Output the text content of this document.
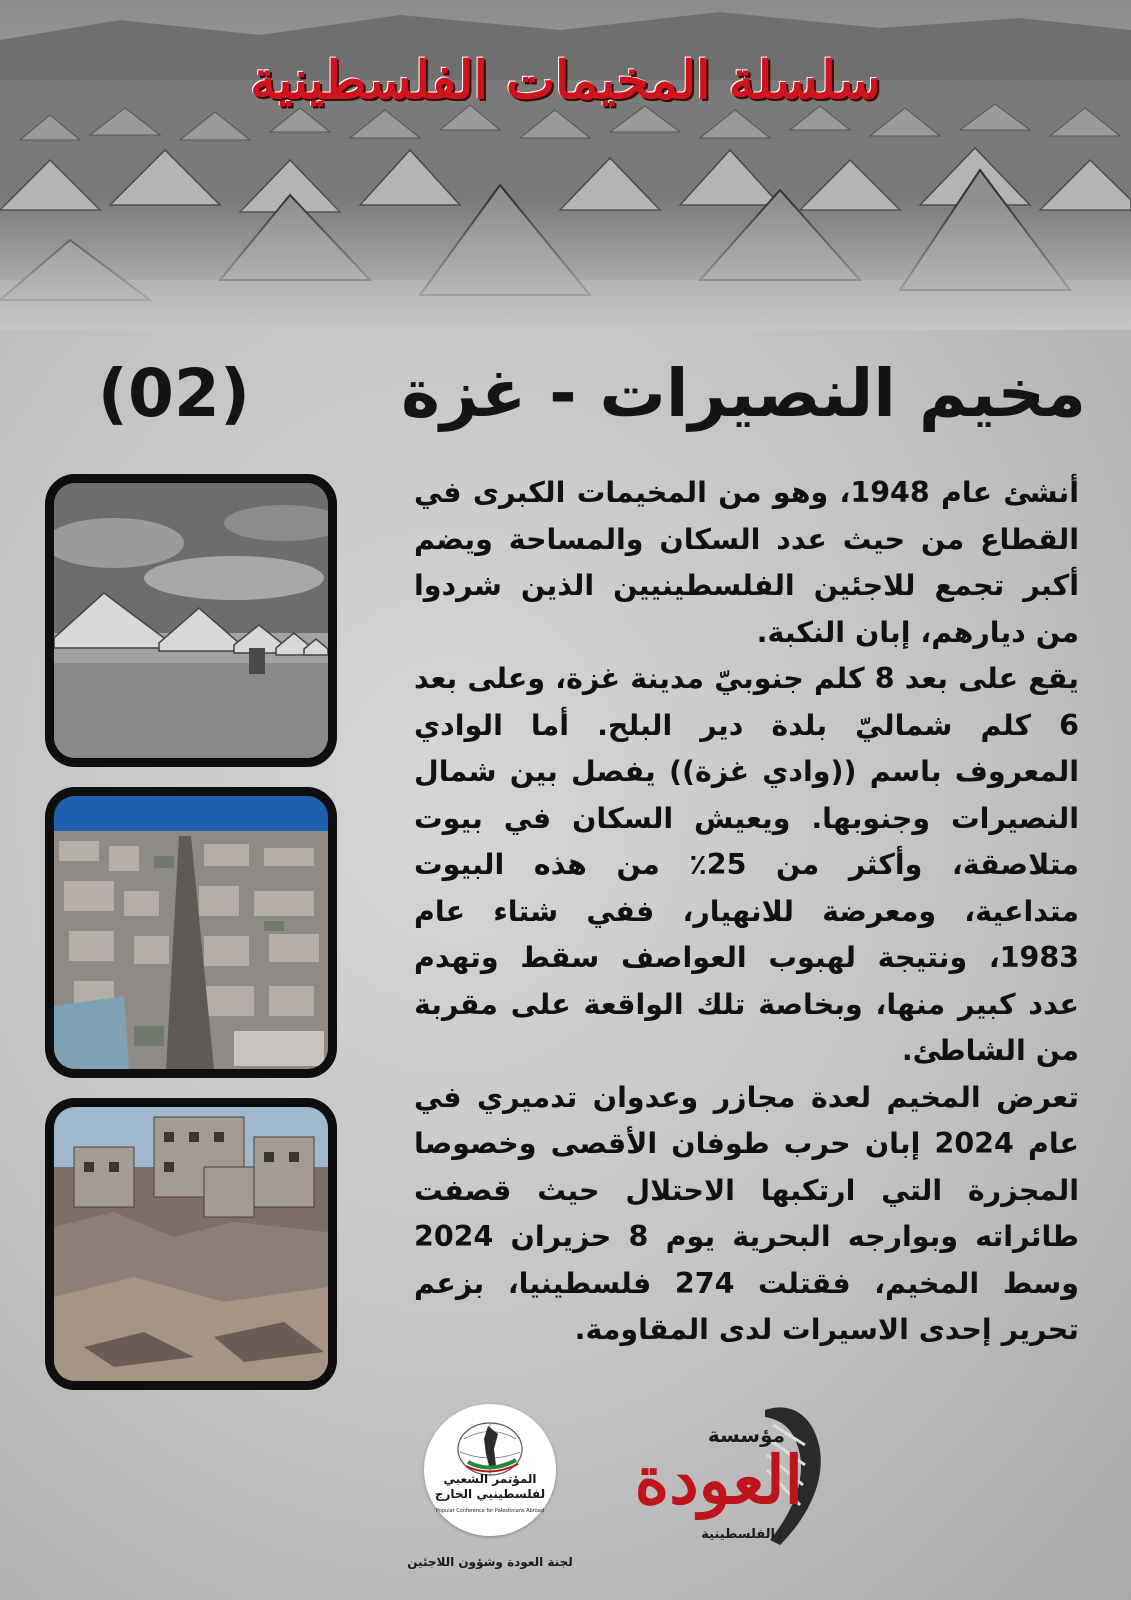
سلسلة المخيمات الفلسطينية
مخيم النصيرات - غزة
(02)

أنشئ عام 1948، وهو من المخيمات الكبرى في القطاع من حيث عدد السكان والمساحة ويضم أكبر تجمع للاجئين الفلسطينيين الذين شردوا من ديارهم، إبان النكبة.

يقع على بعد 8 كلم جنوبيّ مدينة غزة، وعلى بعد 6 كلم شماليّ بلدة دير البلح. أما الوادي المعروف باسم ((وادي غزة)) يفصل بين شمال النصيرات وجنوبها. ويعيش السكان في بيوت متلاصقة، وأكثر من 25٪ من هذه البيوت متداعية، ومعرضة للانهيار، ففي شتاء عام 1983، ونتيجة لهبوب العواصف سقط وتهدم عدد كبير منها، وبخاصة تلك الواقعة على مقربة من الشاطئ.

تعرض المخيم لعدة مجازر وعدوان تدميري في عام 2024 إبان حرب طوفان الأقصى وخصوصا المجزرة التي ارتكبها الاحتلال حيث قصفت طائراته وبوارجه البحرية يوم 8 حزيران 2024 وسط المخيم، فقتلت 274 فلسطينيا، بزعم تحرير إحدى الاسيرات لدى المقاومة.

مؤسسة
العودة
الفلسطينية
المؤتمر الشعبي
لفلسطينيي الخارج
Popular Conference for Palestinians Abroad
لجنة العودة وشؤون اللاجئين
